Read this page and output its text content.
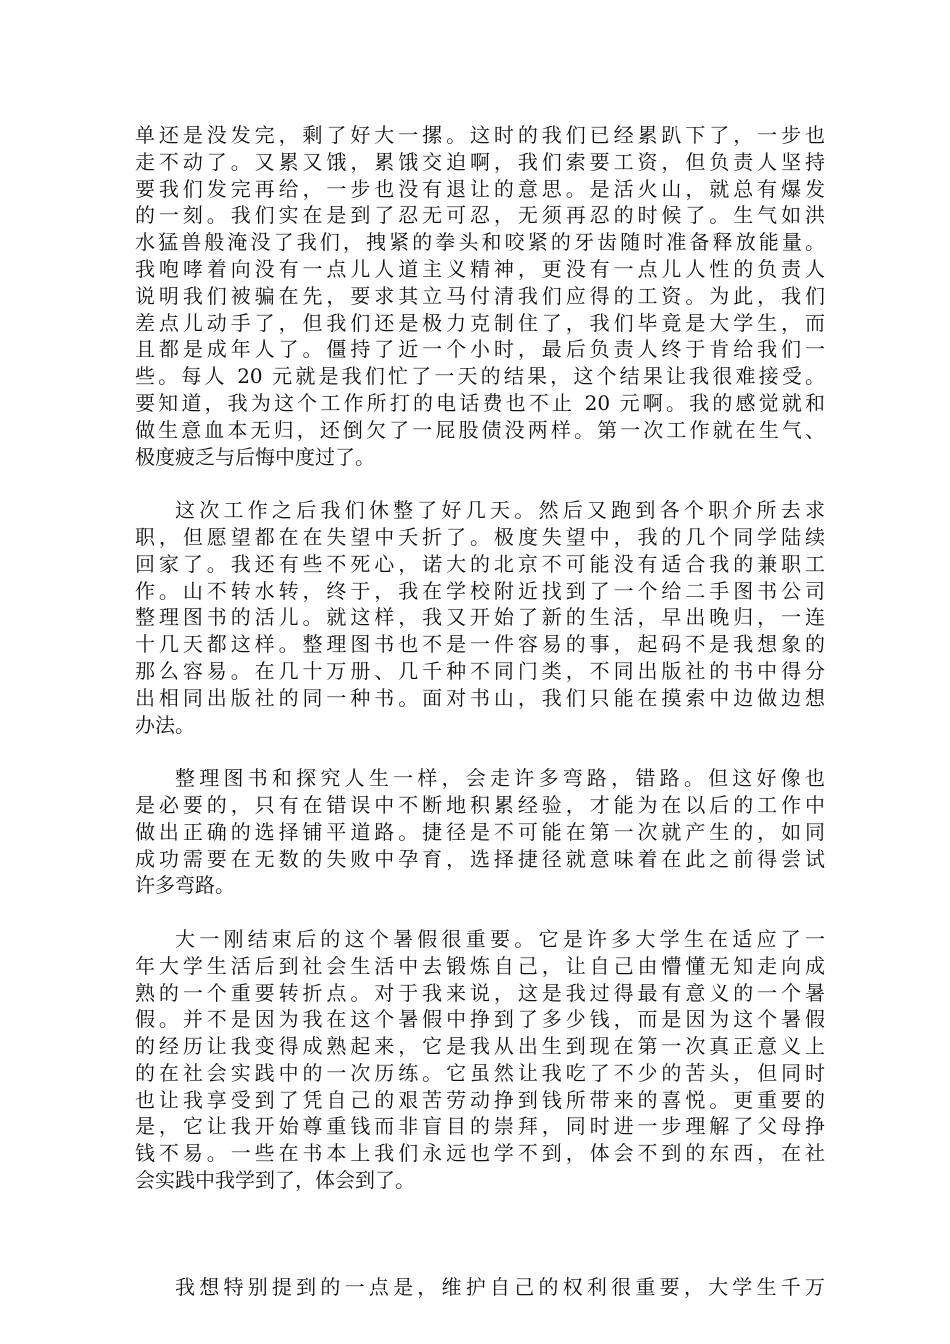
单还是没发完，剩了好大一摞。这时的我们已经累趴下了，一步也
走不动了。又累又饿，累饿交迫啊，我们索要工资，但负责人坚持
要我们发完再给，一步也没有退让的意思。是活火山，就总有爆发
的一刻。我们实在是到了忍无可忍，无须再忍的时候了。生气如洪
水猛兽般淹没了我们，拽紧的拳头和咬紧的牙齿随时准备释放能量。
我咆哮着向没有一点儿人道主义精神，更没有一点儿人性的负责人
说明我们被骗在先，要求其立马付清我们应得的工资。为此，我们
差点儿动手了，但我们还是极力克制住了，我们毕竟是大学生，而
且都是成年人了。僵持了近一个小时，最后负责人终于肯给我们一
些。每人 20 元就是我们忙了一天的结果，这个结果让我很难接受。
要知道，我为这个工作所打的电话费也不止 20 元啊。我的感觉就和
做生意血本无归，还倒欠了一屁股债没两样。第一次工作就在生气、
极度疲乏与后悔中度过了。
这次工作之后我们休整了好几天。然后又跑到各个职介所去求
职，但愿望都在在失望中夭折了。极度失望中，我的几个同学陆续
回家了。我还有些不死心，诺大的北京不可能没有适合我的兼职工
作。山不转水转，终于，我在学校附近找到了一个给二手图书公司
整理图书的活儿。就这样，我又开始了新的生活，早出晚归，一连
十几天都这样。整理图书也不是一件容易的事，起码不是我想象的
那么容易。在几十万册、几千种不同门类，不同出版社的书中得分
出相同出版社的同一种书。面对书山，我们只能在摸索中边做边想
办法。
整理图书和探究人生一样，会走许多弯路，错路。但这好像也
是必要的，只有在错误中不断地积累经验，才能为在以后的工作中
做出正确的选择铺平道路。捷径是不可能在第一次就产生的，如同
成功需要在无数的失败中孕育，选择捷径就意味着在此之前得尝试
许多弯路。
大一刚结束后的这个暑假很重要。它是许多大学生在适应了一
年大学生活后到社会生活中去锻炼自己，让自己由懵懂无知走向成
熟的一个重要转折点。对于我来说，这是我过得最有意义的一个暑
假。并不是因为我在这个暑假中挣到了多少钱，而是因为这个暑假
的经历让我变得成熟起来，它是我从出生到现在第一次真正意义上
的在社会实践中的一次历练。它虽然让我吃了不少的苦头，但同时
也让我享受到了凭自己的艰苦劳动挣到钱所带来的喜悦。更重要的
是，它让我开始尊重钱而非盲目的崇拜，同时进一步理解了父母挣
钱不易。一些在书本上我们永远也学不到，体会不到的东西，在社
会实践中我学到了，体会到了。
我想特别提到的一点是，维护自己的权利很重要，大学生千万
